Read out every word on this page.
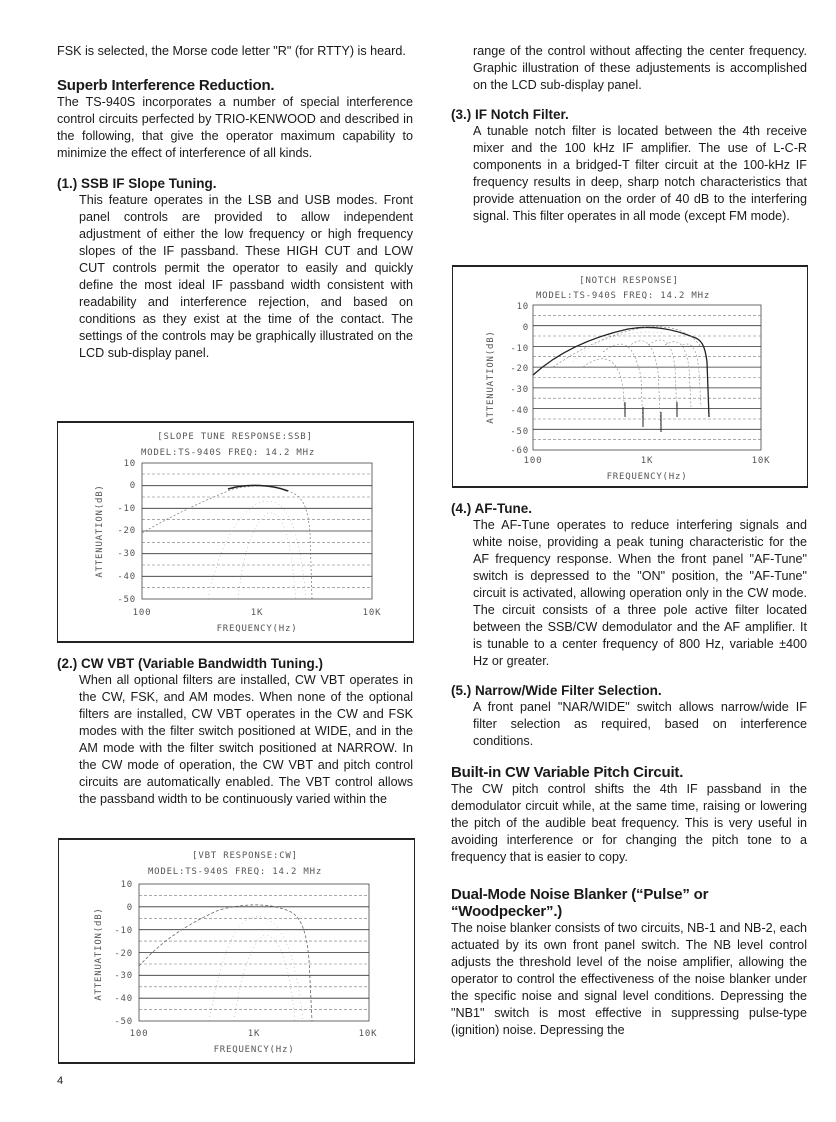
FSK is selected, the Morse code letter "R" (for RTTY) is heard.

Superb Interference Reduction.

The TS-940S incorporates a number of special interference control circuits perfected by TRIO-KENWOOD and described in the following, that give the operator maximum capability to minimize the effect of interference of all kinds.

(1.) SSB IF Slope Tuning.

This feature operates in the LSB and USB modes. Front panel controls are provided to allow independent adjustment of either the low frequency or high frequency slopes of the IF passband. These HIGH CUT and LOW CUT controls permit the operator to easily and quickly define the most ideal IF passband width consistent with readability and interference rejection, and based on conditions as they exist at the time of the contact. The settings of the controls may be graphically illustrated on the LCD sub-display panel.

[SLOPE TUNE RESPONSE:SSB]
MODEL:TS-940S FREQ: 14.2 MHz
10
0
-10
-20
-30
-40
-50
ATTENUATION(dB)
100	1K	10K
FREQUENCY(Hz)
(2.) CW VBT (Variable Bandwidth Tuning.)

When all optional filters are installed, CW VBT operates in the CW, FSK, and AM modes. When none of the optional filters are installed, CW VBT operates in the CW and FSK modes with the filter switch positioned at WIDE, and in the AM mode with the filter switch positioned at NARROW. In the CW mode of operation, the CW VBT and pitch control circuits are automatically enabled. The VBT control allows the passband width to be continuously varied within the

[VBT RESPONSE:CW]
MODEL:TS-940S FREQ: 14.2 MHz
10
0
-10
-20
-30
-40
-50
ATTENUATION(dB)
100	1K	10K
FREQUENCY(Hz)

range of the control without affecting the center frequency. Graphic illustration of these adjustements is accomplished on the LCD sub-display panel.

(3.) IF Notch Filter.

A tunable notch filter is located between the 4th receive mixer and the 100 kHz IF amplifier. The use of L-C-R components in a bridged-T filter circuit at the 100-kHz IF frequency results in deep, sharp notch characteristics that provide attenuation on the order of 40 dB to the interfering signal. This filter operates in all mode (except FM mode).

[NOTCH RESPONSE]
MODEL:TS-940S FREQ: 14.2 MHz
10
0
-10
-20
-30
-40
-50
-60
ATTENUATION(dB)
100	1K	10K
FREQUENCY(Hz)
(4.) AF-Tune.

The AF-Tune operates to reduce interfering signals and white noise, providing a peak tuning characteristic for the AF frequency response. When the front panel "AF-Tune" switch is depressed to the "ON" position, the "AF-Tune" circuit is activated, allowing operation only in the CW mode. The circuit consists of a three pole active filter located between the SSB/CW demodulator and the AF amplifier. It is tunable to a center frequency of 800 Hz, variable ±400 Hz or greater.

(5.) Narrow/Wide Filter Selection.

A front panel "NAR/WIDE" switch allows narrow/wide IF filter selection as required, based on interference conditions.

Built-in CW Variable Pitch Circuit.

The CW pitch control shifts the 4th IF passband in the demodulator circuit while, at the same time, raising or lowering the pitch of the audible beat frequency. This is very useful in avoiding interference or for changing the pitch tone to a frequency that is easier to copy.

Dual-Mode Noise Blanker (“Pulse” or
“Woodpecker”.)

The noise blanker consists of two circuits, NB-1 and NB-2, each actuated by its own front panel switch. The NB level control adjusts the threshold level of the noise amplifier, allowing the operator to control the effectiveness of the noise blanker under the specific noise and signal level conditions. Depressing the "NB1" switch is most effective in suppressing pulse-type (ignition) noise. Depressing the

4
